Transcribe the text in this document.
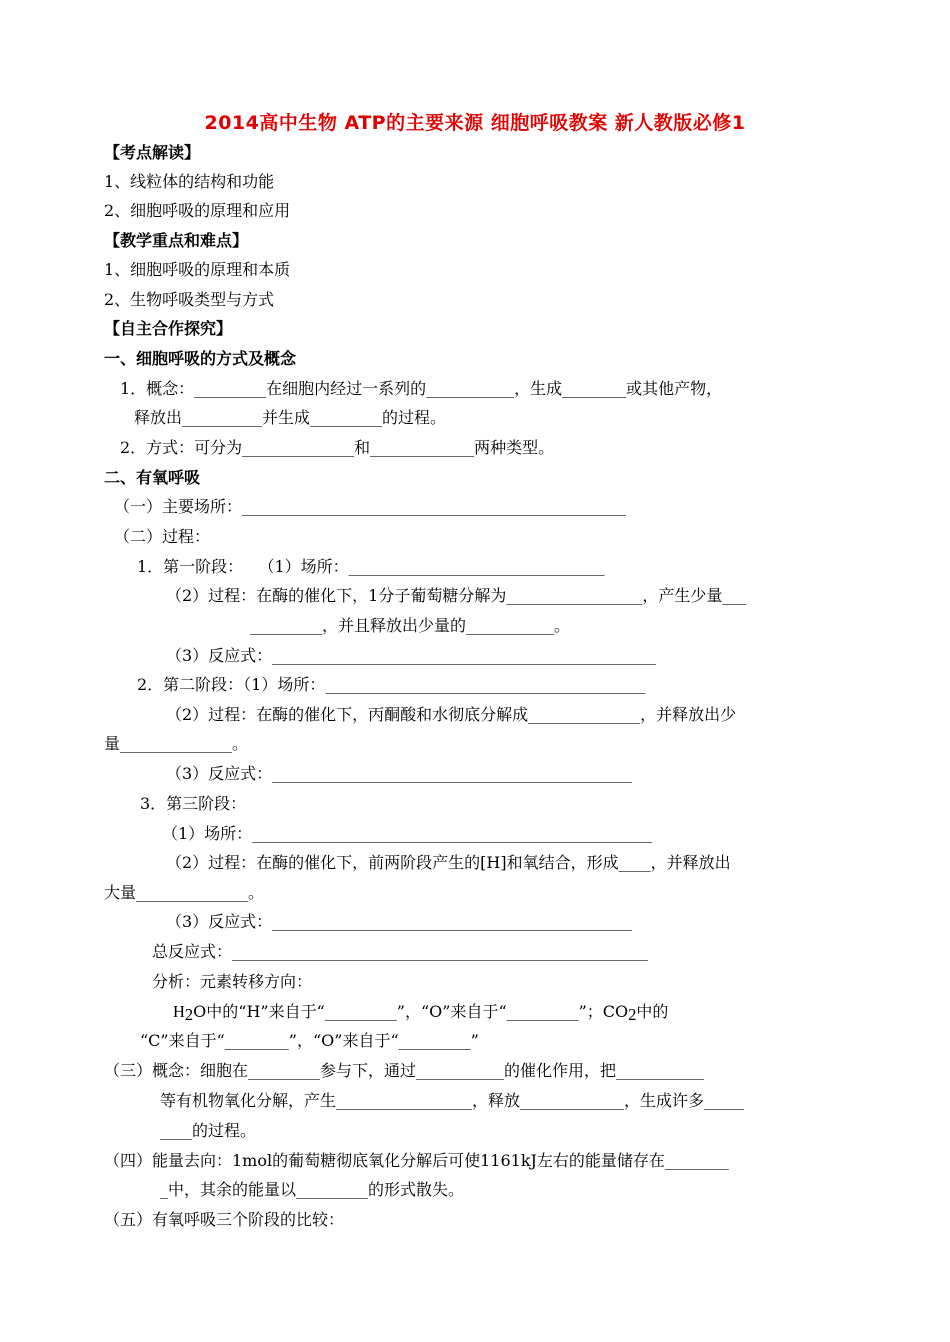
2014高中生物 ATP的主要来源 细胞呼吸教案 新人教版必修1
【考点解读】
1、线粒体的结构和功能
2、细胞呼吸的原理和应用
【教学重点和难点】
1、细胞呼吸的原理和本质
2、生物呼吸类型与方式
【自主合作探究】
一、细胞呼吸的方式及概念
1．概念：_________在细胞内经过一系列的___________，生成________或其他产物，
释放出__________并生成_________的过程。
2．方式：可分为______________和_____________两种类型。
二、有氧呼吸
（一）主要场所：________________________________________________
（二）过程：
1．第一阶段：   （1）场所：________________________________
（2）过程：在酶的催化下，1分子葡萄糖分解为_________________，产生少量___
_________，并且释放出少量的___________。
（3）反应式：________________________________________________
2．第二阶段：（1）场所：________________________________________
（2）过程：在酶的催化下，丙酮酸和水彻底分解成______________，并释放出少
量______________。
（3）反应式：_____________________________________________
3．第三阶段：
（1）场所：__________________________________________________
（2）过程：在酶的催化下，前两阶段产生的[H]和氧结合，形成____，并释放出
大量______________。
（3）反应式：_____________________________________________
总反应式：____________________________________________________
分析：元素转移方向：
$H_2O$中的“H”来自于“_________”，“O”来自于“_________”；$CO_2$中的
“C”来自于“________”，“O”来自于“_________”
（三）概念：细胞在_________参与下，通过___________的催化作用，把___________
等有机物氧化分解，产生_________________，释放_____________，生成许多_____
____的过程。
（四）能量去向：1mol的葡萄糖彻底氧化分解后可使1161kJ左右的能量储存在________
_中，其余的能量以_________的形式散失。
（五）有氧呼吸三个阶段的比较：
